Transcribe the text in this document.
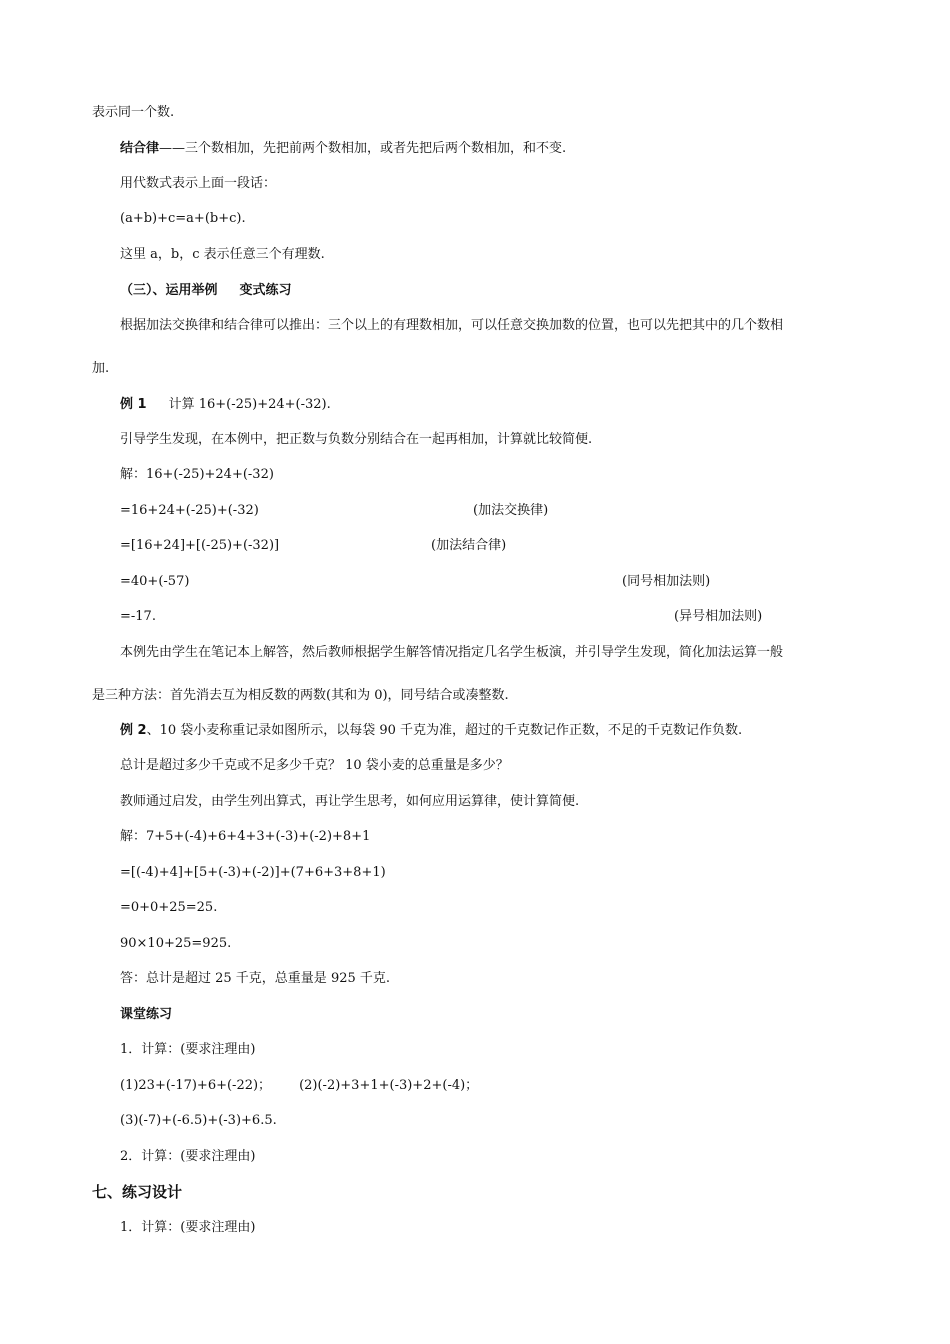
表示同一个数.
结合律——三个数相加，先把前两个数相加，或者先把后两个数相加，和不变.
用代数式表示上面一段话：
(a+b)+c=a+(b+c).
这里 a，b，c 表示任意三个有理数.
（三）、运用举例 变式练习
根据加法交换律和结合律可以推出：三个以上的有理数相加，可以任意交换加数的位置，也可以先把其中的几个数相
加.
例 1 计算 16+(-25)+24+(-32).
引导学生发现，在本例中，把正数与负数分别结合在一起再相加，计算就比较简便.
解：16+(-25)+24+(-32)
=16+24+(-25)+(-32)	(加法交换律)
=[16+24]+[(-25)+(-32)]	(加法结合律)
=40+(-57)	(同号相加法则)
=-17.	(异号相加法则)
本例先由学生在笔记本上解答，然后教师根据学生解答情况指定几名学生板演，并引导学生发现，简化加法运算一般
是三种方法：首先消去互为相反数的两数(其和为 0)，同号结合或凑整数.
例 2、10 袋小麦称重记录如图所示，以每袋 90 千克为准，超过的千克数记作正数，不足的千克数记作负数.
总计是超过多少千克或不足多少千克？ 10 袋小麦的总重量是多少？
教师通过启发，由学生列出算式，再让学生思考，如何应用运算律，使计算简便.
解：7+5+(-4)+6+4+3+(-3)+(-2)+8+1
=[(-4)+4]+[5+(-3)+(-2)]+(7+6+3+8+1)
=0+0+25=25.
90×10+25=925.
答：总计是超过 25 千克，总重量是 925 千克.
课堂练习
1．计算：(要求注理由)
(1)23+(-17)+6+(-22)； (2)(-2)+3+1+(-3)+2+(-4)；
(3)(-7)+(-6.5)+(-3)+6.5.
2．计算：(要求注理由)
七、练习设计
1．计算：(要求注理由)
